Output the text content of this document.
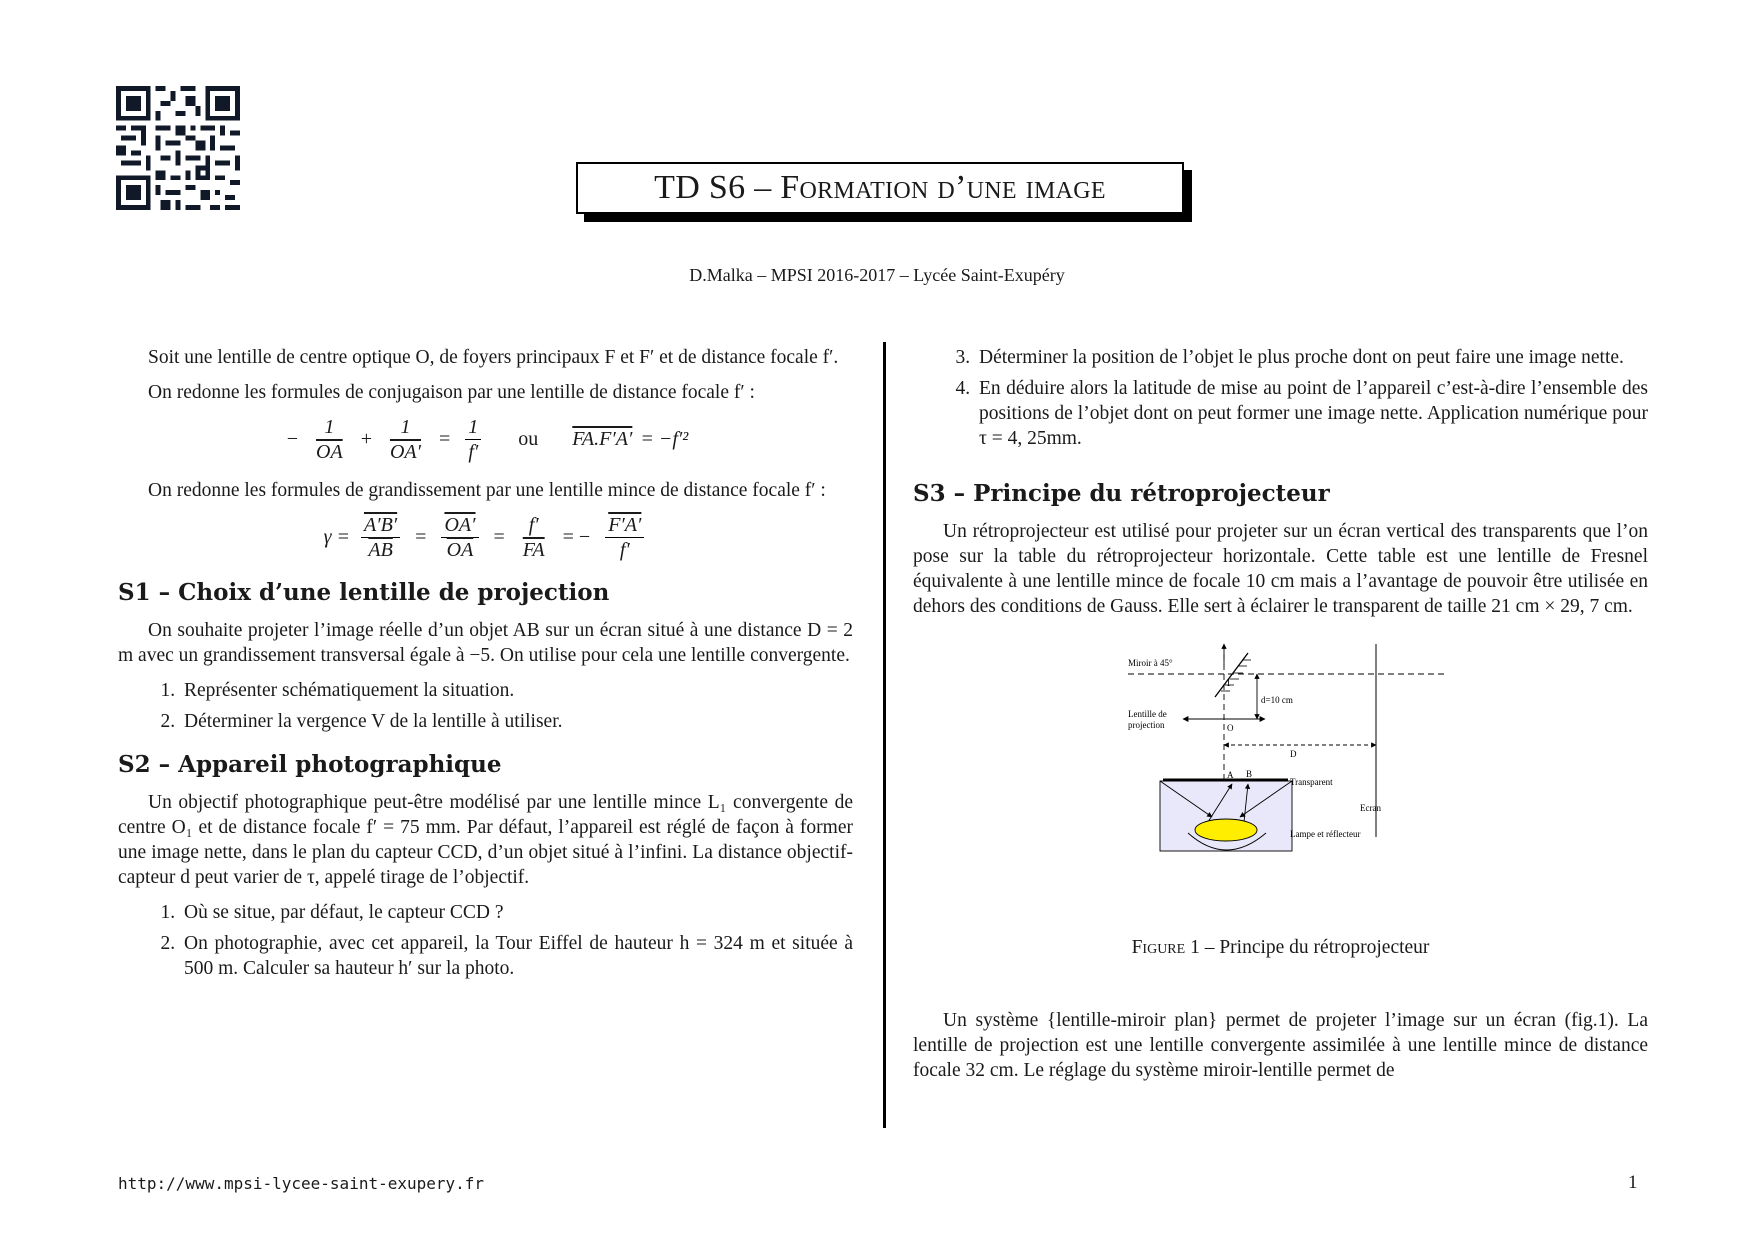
TD S6 – Formation d’une image
D.Malka – MPSI 2016-2017 – Lycée Saint-Exupéry

Soit une lentille de centre optique O, de foyers principaux F et F′ et de distance focale f′.

On redonne les formules de conjugaison par une lentille de distance focale f′ :

− $\frac{1}{OA} + \frac{1}{OA'} = \frac{1}{f'}$ ou FA.F′A′ = −f′²

On redonne les formules de grandissement par une lentille mince de distance focale f′ :

$\gamma = \frac{A'B'}{AB} = \frac{OA'}{OA} = \frac{f'}{FA}$ = − $\frac{F'A'}{f'}$
S1 – Choix d’une lentille de projection

On souhaite projeter l’image réelle d’un objet AB sur un écran situé à une distance D = 2 m avec un grandissement transversal égale à −5. On utilise pour cela une lentille convergente.

1. Représenter schématiquement la situation.
2. Déterminer la vergence V de la lentille à utiliser.
S2 – Appareil photographique

Un objectif photographique peut-être modélisé par une lentille mince L₁ convergente de centre O₁ et de distance focale f′ = 75 mm. Par défaut, l’appareil est réglé de façon à former une image nette, dans le plan du capteur CCD, d’un objet situé à l’infini. La distance objectif-capteur d peut varier de τ, appelé tirage de l’objectif.

1. Où se situe, par défaut, le capteur CCD ?
2. On photographie, avec cet appareil, la Tour Eiffel de hauteur h = 324 m et située à 500 m. Calculer sa hauteur h′ sur la photo.
3. Déterminer la position de l’objet le plus proche dont on peut faire une image nette.
4. En déduire alors la latitude de mise au point de l’appareil c’est-à-dire l’ensemble des positions de l’objet dont on peut former une image nette. Application numérique pour τ = 4, 25mm.
S3 – Principe du rétroprojecteur

Un rétroprojecteur est utilisé pour projeter sur un écran vertical des transparents que l’on pose sur la table du rétroprojecteur horizontale. Cette table est une lentille de Fresnel équivalente à une lentille mince de focale 10 cm mais a l’avantage de pouvoir être utilisée en dehors des conditions de Gauss. Elle sert à éclairer le transparent de taille 21 cm × 29, 7 cm.

Miroir à 45°
I
d=10 cm
Lentille de
projection	O
D
A B
Transparent
Ecran
Lampe et réflecteur
Figure 1 – Principe du rétroprojecteur

Un système {lentille-miroir plan} permet de projeter l’image sur un écran (fig.1). La lentille de projection est une lentille convergente assimilée à une lentille mince de distance focale 32 cm. Le réglage du système miroir-lentille permet de

http://www.mpsi-lycee-saint-exupery.fr	1
